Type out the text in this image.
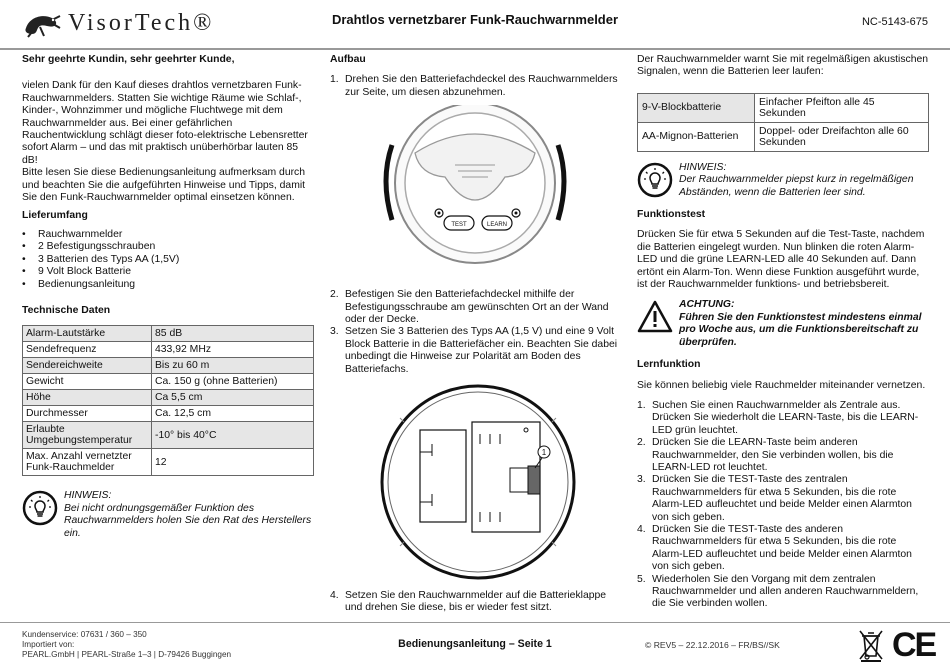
VisorTech®	Drahtlos vernetzbarer Funk-Rauchwarnmelder	NC-5143-675
Sehr geehrte Kundin, sehr geehrter Kunde,

vielen Dank für den Kauf dieses drahtlos vernetzbaren Funk-Rauchwarnmelders. Statten Sie wichtige Räume wie Schlaf-, Kinder-, Wohnzimmer und mögliche Fluchtwege mit dem Rauchwarnmelder aus. Bei einer gefährlichen Rauchentwicklung schlägt dieser foto-elektrische Lebensretter sofort Alarm – und das mit praktisch unüberhörbar lauten 85 dB!

Bitte lesen Sie diese Bedienungsanleitung aufmerksam durch und beachten Sie die aufgeführten Hinweise und Tipps, damit Sie den Funk-Rauchwarnmelder optimal einsetzen können.

Lieferumfang
• Rauchwarnmelder
• 2 Befestigungsschrauben
• 3 Batterien des Typs AA (1,5V)
• 9 Volt Block Batterie
• Bedienungsanleitung
Technische Daten
Alarm-Lautstärke	85 dB
Sendefrequenz	433,92 MHz
Sendereichweite	Bis zu 60 m
Gewicht	Ca. 150 g (ohne Batterien)
Höhe	Ca 5,5 cm
Durchmesser	Ca. 12,5 cm
Erlaubte Umgebungstemperatur	-10° bis 40°C
Max. Anzahl vernetzter Funk-Rauchmelder	12
HINWEIS:
Bei nicht ordnungsgemäßer Funktion des Rauchwarnmelders holen Sie den Rat des Herstellers ein.
Aufbau
1. Drehen Sie den Batteriefachdeckel des Rauchwarnmelders zur Seite, um diesen abzunehmen.
TEST	LEARN
2. Befestigen Sie den Batteriefachdeckel mithilfe der Befestigungsschraube am gewünschten Ort an der Wand oder der Decke.
3. Setzen Sie 3 Batterien des Typs AA (1,5 V) und eine 9 Volt Block Batterie in die Batteriefächer ein. Beachten Sie dabei unbedingt die Hinweise zur Polarität am Boden des Batteriefachs.
1
4. Setzen Sie den Rauchwarnmelder auf die Batterieklappe und drehen Sie diese, bis er wieder fest sitzt.

Der Rauchwarnmelder warnt Sie mit regelmäßigen akustischen Signalen, wenn die Batterien leer laufen:

9-V-Blockbatterie	Einfacher Pfeifton alle 45 Sekunden
AA-Mignon-Batterien	Doppel- oder Dreifachton alle 60 Sekunden
HINWEIS:
Der Rauchwarnmelder piepst kurz in regelmäßigen Abständen, wenn die Batterien leer sind.
Funktionstest

Drücken Sie für etwa 5 Sekunden auf die Test-Taste, nachdem die Batterien eingelegt wurden. Nun blinken die roten Alarm-LED und die grüne LEARN-LED alle 40 Sekunden auf. Dann ertönt ein Alarm-Ton. Wenn diese Funktion ausgeführt wurde, ist der Rauchwarnmelder funktions- und betriebsbereit.

ACHTUNG:
Führen Sie den Funktionstest mindestens einmal pro Woche aus, um die Funktionsbereitschaft zu überprüfen.
Lernfunktion

Sie können beliebig viele Rauchmelder miteinander vernetzen.

1. Suchen Sie einen Rauchwarnmelder als Zentrale aus. Drücken Sie wiederholt die LEARN-Taste, bis die LEARN-LED grün leuchtet.
2. Drücken Sie die LEARN-Taste beim anderen Rauchwarnmelder, den Sie verbinden wollen, bis die LEARN-LED rot leuchtet.
3. Drücken Sie die TEST-Taste des zentralen Rauchwarnmelders für etwa 5 Sekunden, bis die rote Alarm-LED aufleuchtet und beide Melder einen Alarmton von sich geben.
4. Drücken Sie die TEST-Taste des anderen Rauchwarnmelders für etwa 5 Sekunden, bis die rote Alarm-LED aufleuchtet und beide Melder einen Alarmton von sich geben.
5. Wiederholen Sie den Vorgang mit dem zentralen Rauchwarnmelder und allen anderen Rauchwarnmeldern, die Sie verbinden wollen.
Kundenservice: 07631 / 360 – 350
Importiert von:
PEARL.GmbH | PEARL-Straße 1–3 | D-79426 Buggingen
Bedienungsanleitung – Seite 1	© REV5 – 22.12.2016 – FR/BS//SK	CE
